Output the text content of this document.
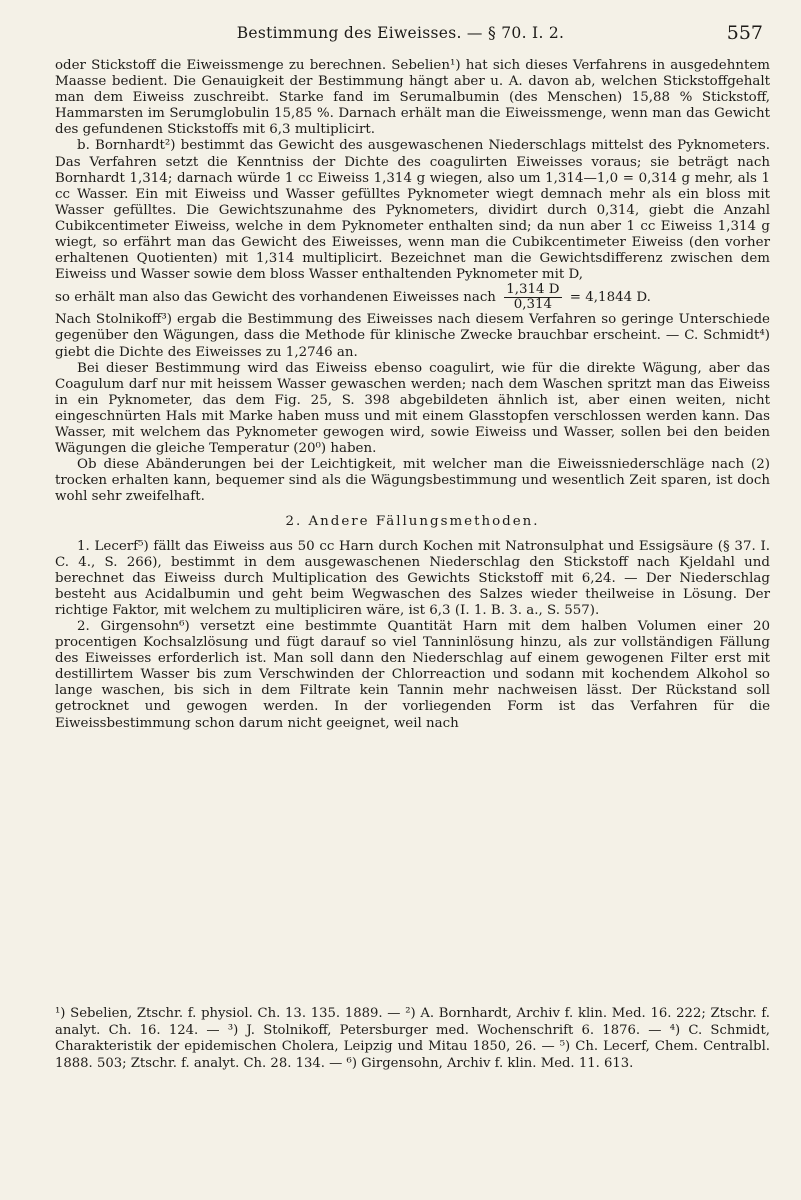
Bestimmung des Eiweisses. — § 70. I. 2.	557

oder Stickstoff die Eiweissmenge zu berechnen. Sebelien¹) hat sich dieses Verfahrens in ausgedehntem Maasse bedient. Die Genauigkeit der Bestimmung hängt aber u. A. davon ab, welchen Stickstoffgehalt man dem Eiweiss zuschreibt. Starke fand im Serumalbumin (des Menschen) 15,88 % Stickstoff, Hammarsten im Serumglobulin 15,85 %. Darnach erhält man die Eiweissmenge, wenn man das Gewicht des gefundenen Stickstoffs mit 6,3 multiplicirt.

b. Bornhardt²) bestimmt das Gewicht des ausgewaschenen Niederschlags mittelst des Pyknometers. Das Verfahren setzt die Kenntniss der Dichte des coagulirten Eiweisses voraus; sie beträgt nach Bornhardt 1,314; darnach würde 1 cc Eiweiss 1,314 g wiegen, also um 1,314—1,0 = 0,314 g mehr, als 1 cc Wasser. Ein mit Eiweiss und Wasser gefülltes Pyknometer wiegt demnach mehr als ein bloss mit Wasser gefülltes. Die Gewichtszunahme des Pyknometers, dividirt durch 0,314, giebt die Anzahl Cubikcentimeter Eiweiss, welche in dem Pyknometer enthalten sind; da nun aber 1 cc Eiweiss 1,314 g wiegt, so erfährt man das Gewicht des Eiweisses, wenn man die Cubikcentimeter Eiweiss (den vorher erhaltenen Quotienten) mit 1,314 multiplicirt. Bezeichnet man die Gewichtsdifferenz zwischen dem Eiweiss und Wasser sowie dem bloss Wasser enthaltenden Pyknometer mit D,

so erhält man also das Gewicht des vorhandenen Eiweisses nach $\frac{1,314 D}{0,314} = 4,1844$ D.

Nach Stolnikoff³) ergab die Bestimmung des Eiweisses nach diesem Verfahren so geringe Unterschiede gegenüber den Wägungen, dass die Methode für klinische Zwecke brauchbar erscheint. — C. Schmidt⁴) giebt die Dichte des Eiweisses zu 1,2746 an.

Bei dieser Bestimmung wird das Eiweiss ebenso coagulirt, wie für die direkte Wägung, aber das Coagulum darf nur mit heissem Wasser gewaschen werden; nach dem Waschen spritzt man das Eiweiss in ein Pyknometer, das dem Fig. 25, S. 398 abgebildeten ähnlich ist, aber einen weiten, nicht eingeschnürten Hals mit Marke haben muss und mit einem Glasstopfen verschlossen werden kann. Das Wasser, mit welchem das Pyknometer gewogen wird, sowie Eiweiss und Wasser, sollen bei den beiden Wägungen die gleiche Temperatur (20⁰) haben.

Ob diese Abänderungen bei der Leichtigkeit, mit welcher man die Eiweissniederschläge nach (2) trocken erhalten kann, bequemer sind als die Wägungsbestimmung und wesentlich Zeit sparen, ist doch wohl sehr zweifelhaft.

2. Andere Fällungsmethoden.

1. Lecerf⁵) fällt das Eiweiss aus 50 cc Harn durch Kochen mit Natronsulphat und Essigsäure (§ 37. I. C. 4., S. 266), bestimmt in dem ausgewaschenen Niederschlag den Stickstoff nach Kjeldahl und berechnet das Eiweiss durch Multiplication des Gewichts Stickstoff mit 6,24. — Der Niederschlag besteht aus Acidalbumin und geht beim Wegwaschen des Salzes wieder theilweise in Lösung. Der richtige Faktor, mit welchem zu multipliciren wäre, ist 6,3 (I. 1. B. 3. a., S. 557).

2. Girgensohn⁶) versetzt eine bestimmte Quantität Harn mit dem halben Volumen einer 20 procentigen Kochsalzlösung und fügt darauf so viel Tanninlösung hinzu, als zur vollständigen Fällung des Eiweisses erforderlich ist. Man soll dann den Niederschlag auf einem gewogenen Filter erst mit destillirtem Wasser bis zum Verschwinden der Chlorreaction und sodann mit kochendem Alkohol so lange waschen, bis sich in dem Filtrate kein Tannin mehr nachweisen lässt. Der Rückstand soll getrocknet und gewogen werden. In der vorliegenden Form ist das Verfahren für die Eiweissbestimmung schon darum nicht geeignet, weil nach

¹) Sebelien, Ztschr. f. physiol. Ch. 13. 135. 1889. — ²) A. Bornhardt, Archiv f. klin. Med. 16. 222; Ztschr. f. analyt. Ch. 16. 124. — ³) J. Stolnikoff, Petersburger med. Wochenschrift 6. 1876. — ⁴) C. Schmidt, Charakteristik der epidemischen Cholera, Leipzig und Mitau 1850, 26. — ⁵) Ch. Lecerf, Chem. Centralbl. 1888. 503; Ztschr. f. analyt. Ch. 28. 134. — ⁶) Girgensohn, Archiv f. klin. Med. 11. 613.
